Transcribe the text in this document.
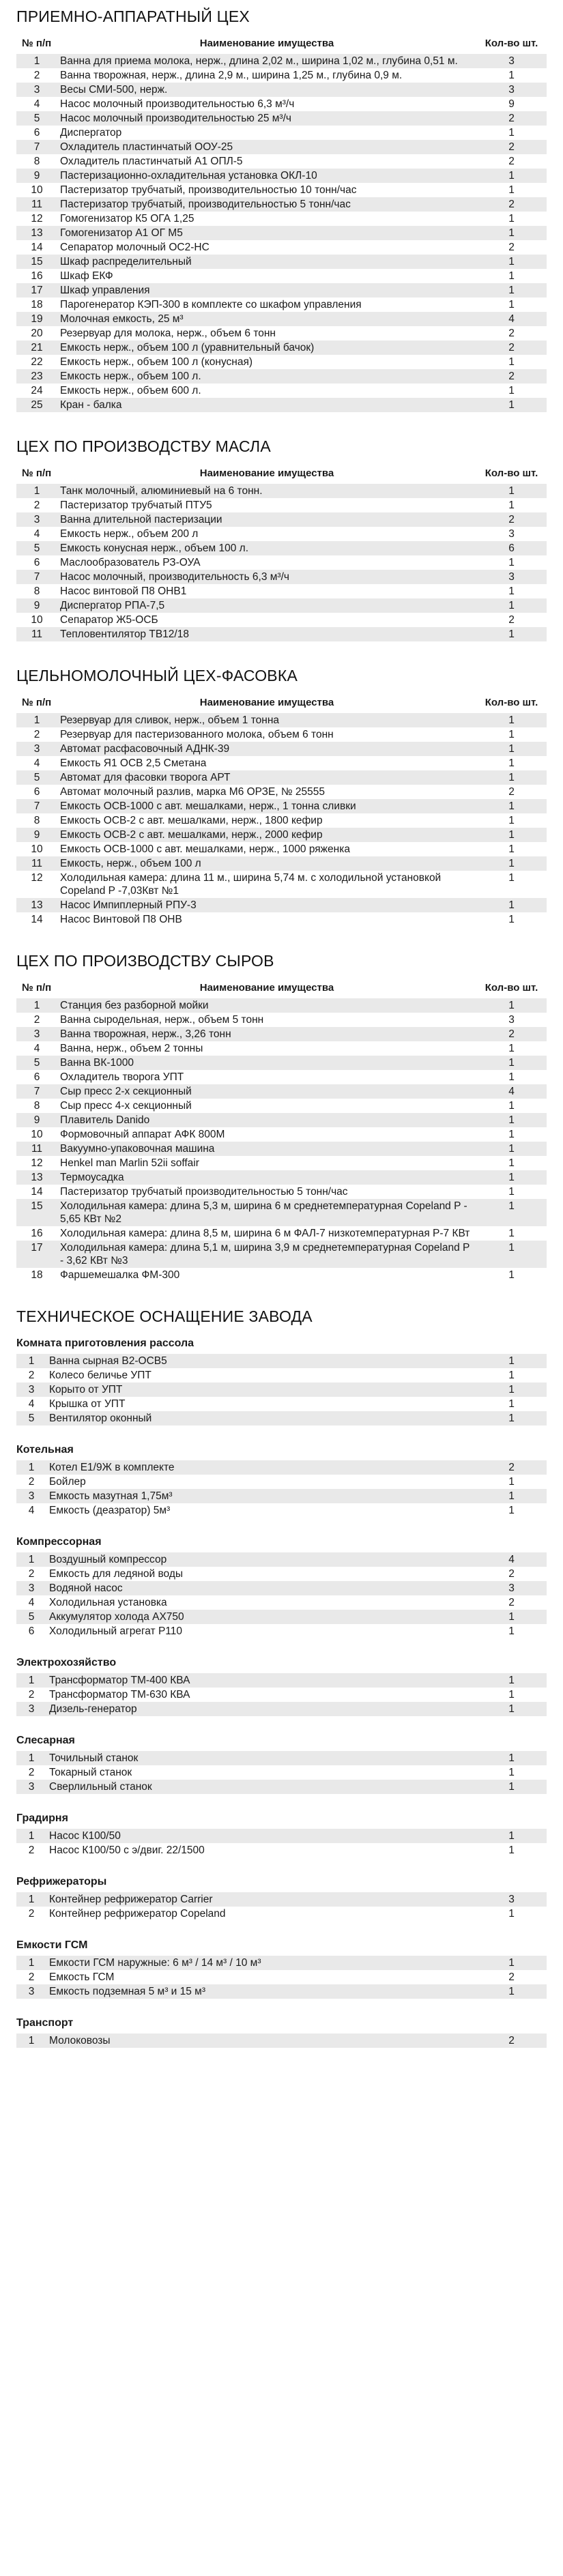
ПРИЕМНО-АППАРАТНЫЙ ЦЕХ
№ п/п	Наименование имущества	Кол-во шт.
1	Ванна для приема молока, нерж., длина 2,02 м., ширина 1,02 м., глубина 0,51 м.	3
2	Ванна творожная, нерж., длина 2,9 м., ширина 1,25 м., глубина 0,9 м.	1
3	Весы СМИ-500, нерж.	3
4	Насос молочный производительностью 6,3 м³/ч	9
5	Насос молочный производительностью 25 м³/ч	2
6	Диспергатор	1
7	Охладитель пластинчатый ООУ-25	2
8	Охладитель пластинчатый А1 ОПЛ-5	2
9	Пастеризационно-охладительная установка ОКЛ-10	1
10	Пастеризатор трубчатый, производительностью 10 тонн/час	1
11	Пастеризатор трубчатый, производительностью 5 тонн/час	2
12	Гомогенизатор К5 ОГА 1,25	1
13	Гомогенизатор А1 ОГ М5	1
14	Сепаратор молочный ОС2-НС	2
15	Шкаф распределительный	1
16	Шкаф ЕКФ	1
17	Шкаф управления	1
18	Парогенератор КЭП-300 в комплекте со шкафом управления	1
19	Молочная емкость, 25 м³	4
20	Резервуар для молока, нерж., объем 6 тонн	2
21	Емкость нерж., объем 100 л (уравнительный бачок)	2
22	Емкость нерж., объем 100 л (конусная)	1
23	Емкость нерж., объем 100 л.	2
24	Емкость нерж., объем 600 л.	1
25	Кран - балка	1
ЦЕХ ПО ПРОИЗВОДСТВУ МАСЛА
№ п/п	Наименование имущества	Кол-во шт.
1	Танк молочный, алюминиевый на 6 тонн.	1
2	Пастеризатор трубчатый ПТУ5	1
3	Ванна длительной пастеризации	2
4	Емкость нерж., объем 200 л	3
5	Емкость конусная нерж., объем 100 л.	6
6	Маслообразователь РЗ-ОУА	1
7	Насос молочный, производительность 6,3 м³/ч	3
8	Насос винтовой П8 ОНВ1	1
9	Диспергатор РПА-7,5	1
10	Сепаратор Ж5-ОСБ	2
11	Тепловентилятор ТВ12/18	1
ЦЕЛЬНОМОЛОЧНЫЙ ЦЕХ-ФАСОВКА
№ п/п	Наименование имущества	Кол-во шт.
1	Резервуар для сливок, нерж., объем 1 тонна	1
2	Резервуар для пастеризованного молока, объем 6 тонн	1
3	Автомат расфасовочный АДНК-39	1
4	Емкость Я1 ОСВ 2,5 Сметана	1
5	Автомат для фасовки творога АРТ	1
6	Автомат молочный разлив, марка М6 ОРЗЕ, № 25555	2
7	Емкость ОСВ-1000 с авт. мешалками, нерж., 1 тонна сливки	1
8	Емкость ОСВ-2 с авт. мешалками, нерж., 1800 кефир	1
9	Емкость ОСВ-2 с авт. мешалками, нерж., 2000 кефир	1
10	Емкость ОСВ-1000 с авт. мешалками, нерж., 1000 ряженка	1
11	Емкость, нерж., объем 100 л	1
12	Холодильная камера: длина 11 м., ширина 5,74 м. с холодильной установкой Copeland P -7,03Квт №1	1
13	Насос Импиплерный РПУ-3	1
14	Насос Винтовой П8 ОНВ	1
ЦЕХ ПО ПРОИЗВОДСТВУ СЫРОВ
№ п/п	Наименование имущества	Кол-во шт.
1	Станция без разборной мойки	1
2	Ванна сыродельная, нерж., объем 5 тонн	3
3	Ванна творожная, нерж., 3,26 тонн	2
4	Ванна, нерж., объем 2 тонны	1
5	Ванна ВК-1000	1
6	Охладитель творога УПТ	1
7	Сыр пресс 2-х секционный	4
8	Сыр пресс 4-х секционный	1
9	Плавитель Danido	1
10	Формовочный аппарат АФК 800М	1
11	Вакуумно-упаковочная машина	1
12	Henkel man Marlin 52ii soffair	1
13	Термоусадка	1
14	Пастеризатор трубчатый производительностью 5 тонн/час	1
15	Холодильная камера: длина 5,3 м, ширина 6 м среднетемпературная Copeland P - 5,65 КВт №2	1
16	Холодильная камера: длина 8,5 м, ширина 6 м ФАЛ-7 низкотемпературная Р-7 КВт	1
17	Холодильная камера: длина 5,1 м, ширина 3,9 м среднетемпературная Copeland P - 3,62 КВт №3	1
18	Фаршемешалка ФМ-300	1
ТЕХНИЧЕСКОЕ ОСНАЩЕНИЕ ЗАВОДА
Комната приготовления рассола
1	Ванна сырная В2-ОСВ5	1
2	Колесо беличье УПТ	1
3	Корыто от УПТ	1
4	Крышка от УПТ	1
5	Вентилятор оконный	1
Котельная
1	Котел Е1/9Ж в комплекте	2
2	Бойлер	1
3	Емкость мазутная 1,75м³	1
4	Емкость (деазратор) 5м³	1
Компрессорная
1	Воздушный компрессор	4
2	Емкость для ледяной воды	2
3	Водяной насос	3
4	Холодильная установка	2
5	Аккумулятор холода АХ750	1
6	Холодильный агрегат Р110	1
Электрохозяйство
1	Трансформатор ТМ-400 КВА	1
2	Трансформатор ТМ-630 КВА	1
3	Дизель-генератор	1
Слесарная
1	Точильный станок	1
2	Токарный станок	1
3	Сверлильный станок	1
Градирня
1	Насос К100/50	1
2	Насос К100/50 с э/двиг. 22/1500	1
Рефрижераторы
1	Контейнер рефрижератор Carrier	3
2	Контейнер рефрижератор Copeland	1
Емкости ГСМ
1	Емкости ГСМ наружные: 6 м³ / 14 м³ / 10 м³	1
2	Емкость ГСМ	2
3	Емкость подземная 5 м³ и 15 м³	1
Транспорт
1	Молоковозы	2
